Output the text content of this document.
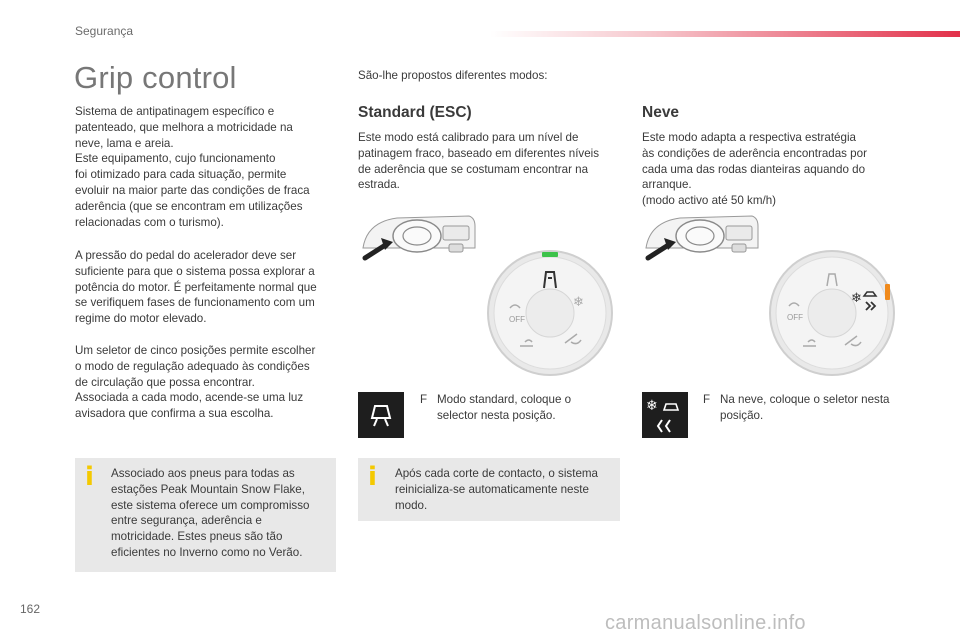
Segurança
Grip control

Sistema de antipatinagem específico e
patenteado, que melhora a motricidade na
neve, lama e areia.
Este equipamento, cujo funcionamento
foi otimizado para cada situação, permite
evoluir na maior parte das condições de fraca
aderência (que se encontram em utilizações
relacionadas com o turismo).

A pressão do pedal do acelerador deve ser
suficiente para que o sistema possa explorar a
potência do motor. É perfeitamente normal que
se verifiquem fases de funcionamento com um
regime do motor elevado.

Um seletor de cinco posições permite escolher
o modo de regulação adequado às condições
de circulação que possa encontrar.
Associada a cada modo, acende-se uma luz
avisadora que confirma a sua escolha.

i Associado aos pneus para todas as
estações Peak Mountain Snow Flake,
este sistema oferece um compromisso
entre segurança, aderência e
motricidade. Estes pneus são tão
eficientes no Inverno como no Verão.

São-lhe propostos diferentes modos:
Standard (ESC)

Este modo está calibrado para um nível de
patinagem fraco, baseado em diferentes níveis
de aderência que se costumam encontrar na
estrada.

❄
OFF
F Modo standard, coloque o
selector nesta posição.

i Após cada corte de contacto, o sistema
reinicializa-se automaticamente neste
modo.

Neve

Este modo adapta a respectiva estratégia
às condições de aderência encontradas por
cada uma das rodas dianteiras aquando do
arranque.
(modo activo até 50 km/h)

❄
OFF
❄	F Na neve, coloque o seletor nesta
posição.

162
carmanualsonline.info
